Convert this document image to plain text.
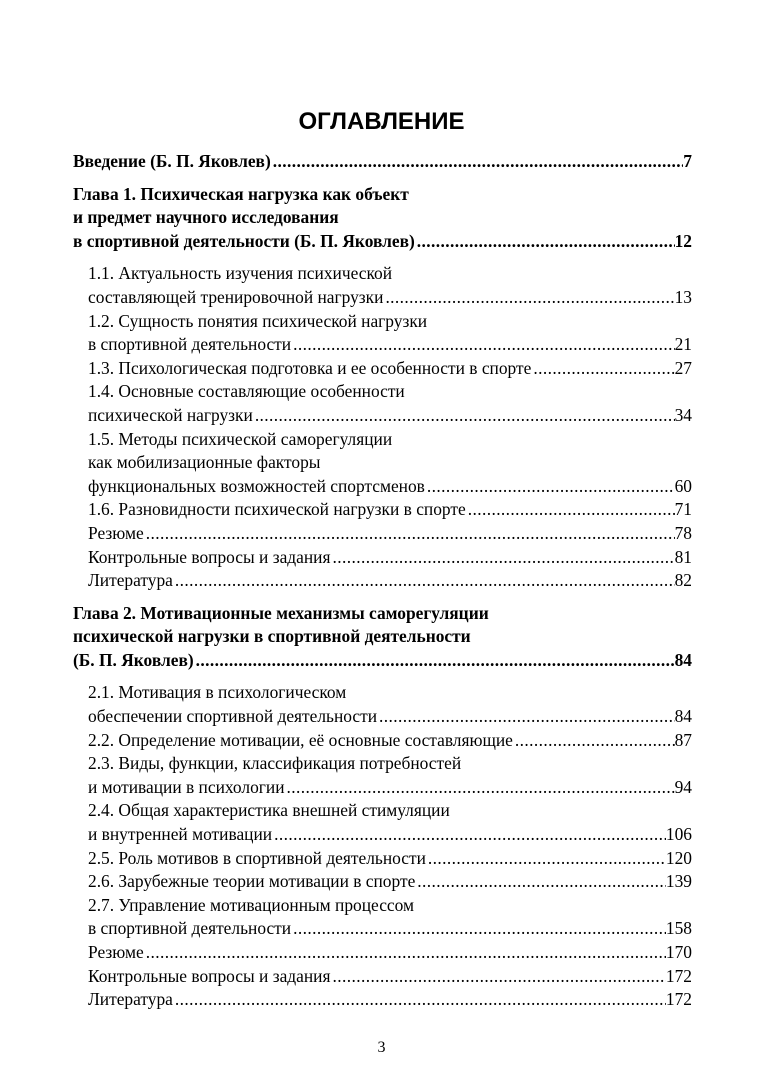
ОГЛАВЛЕНИЕ
Введение (Б. П. Яковлев) .....	7
Глава 1. Психическая нагрузка как объект
и предмет научного исследования
в спортивной деятельности (Б. П. Яковлев) .....	12
1.1. Актуальность изучения психической
составляющей тренировочной нагрузки .....	13
1.2. Сущность понятия психической нагрузки
в спортивной деятельности .....	21
1.3. Психологическая подготовка и ее особенности в спорте .....	27
1.4. Основные составляющие особенности
психической нагрузки .....	34
1.5. Методы психической саморегуляции
как мобилизационные факторы
функциональных возможностей спортсменов .....	60
1.6. Разновидности психической нагрузки в спорте .....	71
Резюме .....	78
Контрольные вопросы и задания .....	81
Литература .....	82
Глава 2. Мотивационные механизмы саморегуляции
психической нагрузки в спортивной деятельности
(Б. П. Яковлев) .....	84
2.1. Мотивация в психологическом
обеспечении спортивной деятельности .....	84
2.2. Определение мотивации, её основные составляющие .....	87
2.3. Виды, функции, классификация потребностей
и мотивации в психологии .....	94
2.4. Общая характеристика внешней стимуляции
и внутренней мотивации .....	106
2.5. Роль мотивов в спортивной деятельности .....	120
2.6. Зарубежные теории мотивации в спорте .....	139
2.7. Управление мотивационным процессом
в спортивной деятельности .....	158
Резюме .....	170
Контрольные вопросы и задания .....	172
Литература .....	172
3
